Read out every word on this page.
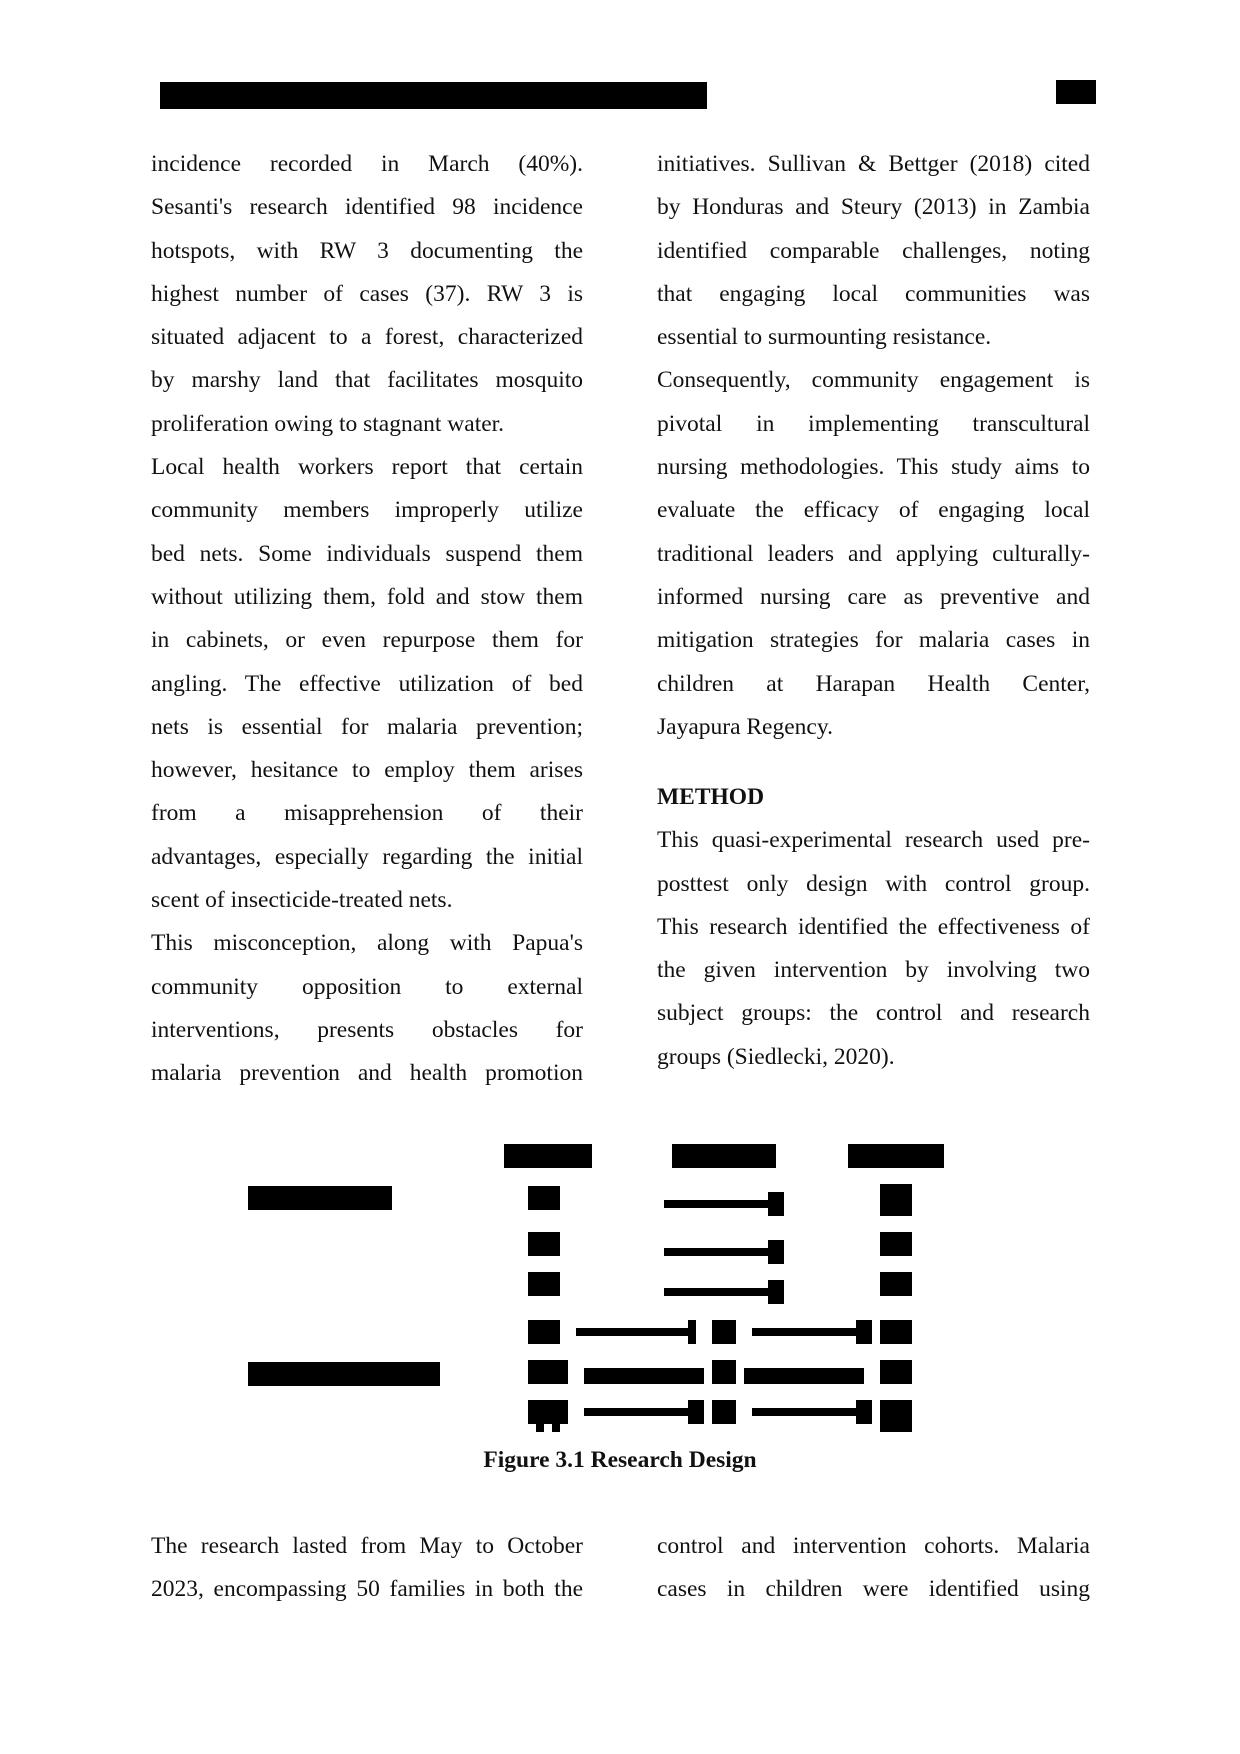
incidence recorded in March (40%).
Sesanti's research identified 98 incidence
hotspots, with RW 3 documenting the
highest number of cases (37). RW 3 is
situated adjacent to a forest, characterized
by marshy land that facilitates mosquito
proliferation owing to stagnant water.
Local health workers report that certain
community members improperly utilize
bed nets. Some individuals suspend them
without utilizing them, fold and stow them
in cabinets, or even repurpose them for
angling. The effective utilization of bed
nets is essential for malaria prevention;
however, hesitance to employ them arises
from a misapprehension of their
advantages, especially regarding the initial
scent of insecticide-treated nets.
This misconception, along with Papua's
community opposition to external
interventions, presents obstacles for
malaria prevention and health promotion
initiatives. Sullivan & Bettger (2018) cited
by Honduras and Steury (2013) in Zambia
identified comparable challenges, noting
that engaging local communities was
essential to surmounting resistance.
Consequently, community engagement is
pivotal in implementing transcultural
nursing methodologies. This study aims to
evaluate the efficacy of engaging local
traditional leaders and applying culturally-
informed nursing care as preventive and
mitigation strategies for malaria cases in
children at Harapan Health Center,
Jayapura Regency.
METHOD
This quasi-experimental research used pre-
posttest only design with control group.
This research identified the effectiveness of
the given intervention by involving two
subject groups: the control and research
groups (Siedlecki, 2020).
Figure 3.1 Research Design
The research lasted from May to October
2023, encompassing 50 families in both the
control and intervention cohorts. Malaria
cases in children were identified using
